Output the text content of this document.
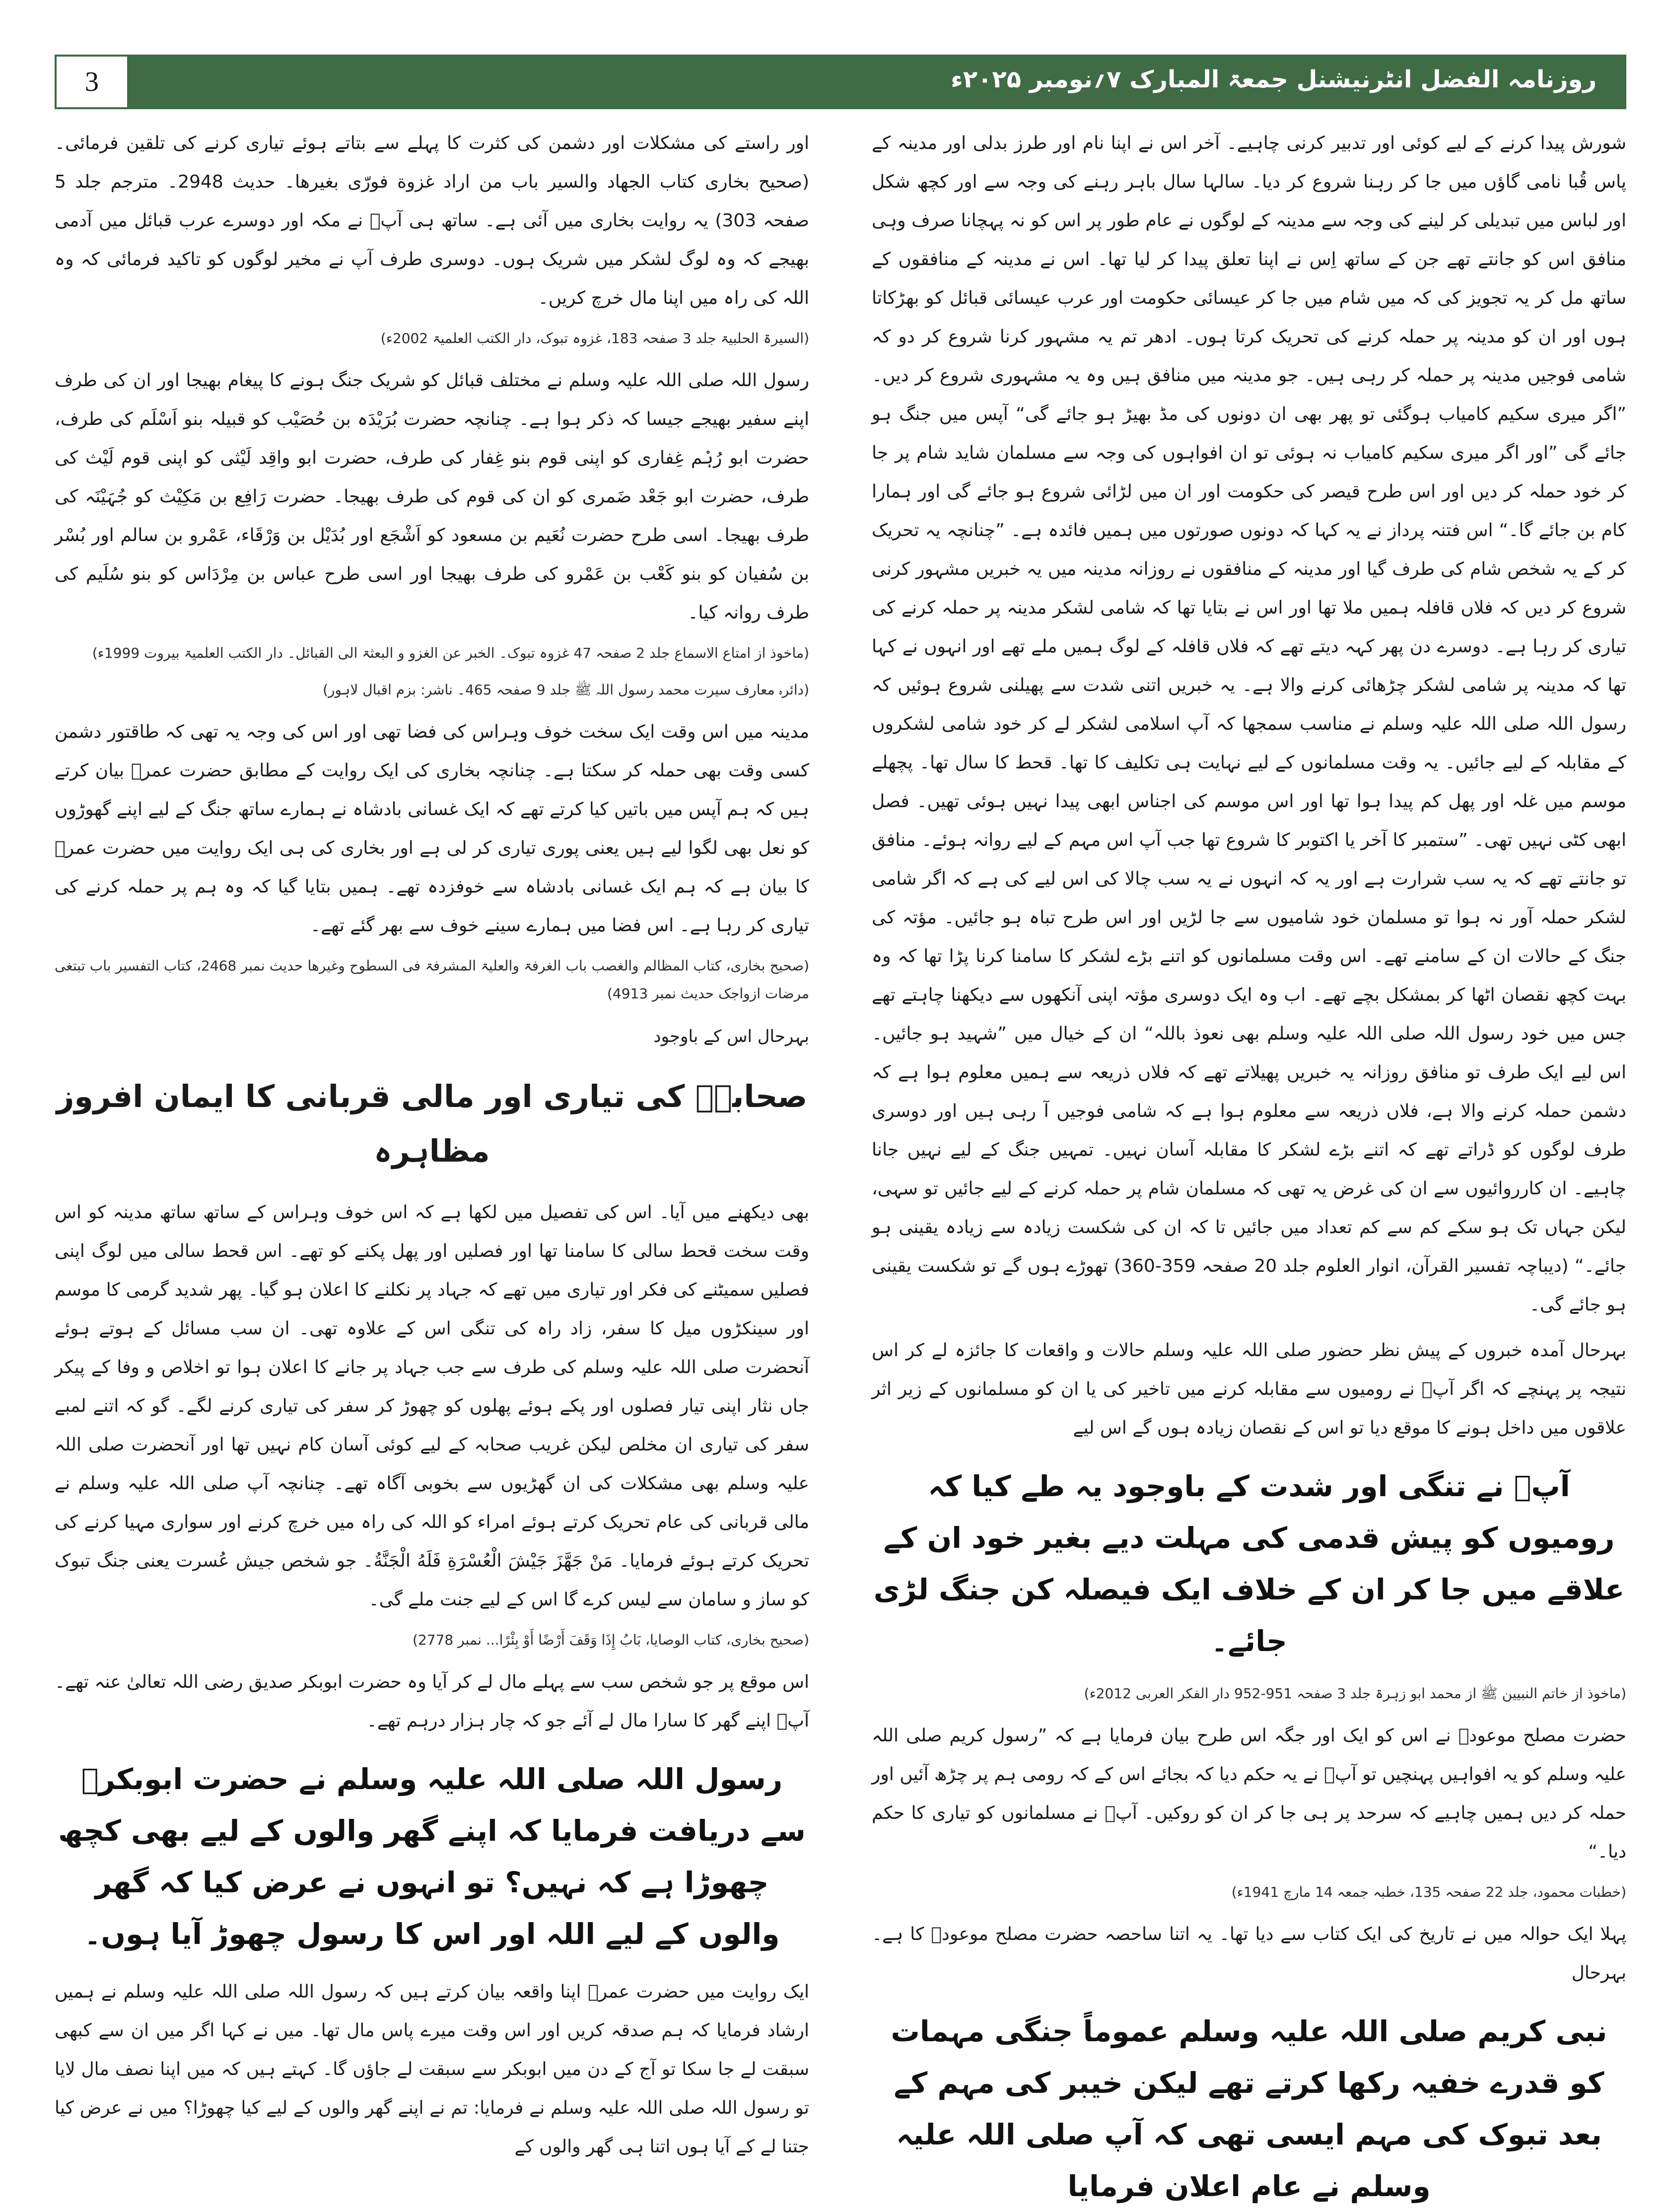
روزنامہ الفضل انٹرنیشنل جمعۃ المبارک ۷؍نومبر ۲۰۲۵ء
3

شورش پیدا کرنے کے لیے کوئی اور تدبیر کرنی چاہیے۔ آخر اس نے اپنا نام اور طرز بدلی اور مدینہ کے پاس قُبا نامی گاؤں میں جا کر رہنا شروع کر دیا۔ سالہا سال باہر رہنے کی وجہ سے اور کچھ شکل اور لباس میں تبدیلی کر لینے کی وجہ سے مدینہ کے لوگوں نے عام طور پر اس کو نہ پہچانا صرف وہی منافق اس کو جانتے تھے جن کے ساتھ اِس نے اپنا تعلق پیدا کر لیا تھا۔ اس نے مدینہ کے منافقوں کے ساتھ مل کر یہ تجویز کی کہ میں شام میں جا کر عیسائی حکومت اور عرب عیسائی قبائل کو بھڑکاتا ہوں اور ان کو مدینہ پر حملہ کرنے کی تحریک کرتا ہوں۔ ادھر تم یہ مشہور کرنا شروع کر دو کہ شامی فوجیں مدینہ پر حملہ کر رہی ہیں۔ جو مدینہ میں منافق ہیں وہ یہ مشہوری شروع کر دیں۔ ”اگر میری سکیم کامیاب ہوگئی تو پھر بھی ان دونوں کی مڈ بھیڑ ہو جائے گی“ آپس میں جنگ ہو جائے گی ”اور اگر میری سکیم کامیاب نہ ہوئی تو ان افواہوں کی وجہ سے مسلمان شاید شام پر جا کر خود حملہ کر دیں اور اس طرح قیصر کی حکومت اور ان میں لڑائی شروع ہو جائے گی اور ہمارا کام بن جائے گا۔“ اس فتنہ پرداز نے یہ کہا کہ دونوں صورتوں میں ہمیں فائدہ ہے۔ ”چنانچہ یہ تحریک کر کے یہ شخص شام کی طرف گیا اور مدینہ کے منافقوں نے روزانہ مدینہ میں یہ خبریں مشہور کرنی شروع کر دیں کہ فلاں قافلہ ہمیں ملا تھا اور اس نے بتایا تھا کہ شامی لشکر مدینہ پر حملہ کرنے کی تیاری کر رہا ہے۔ دوسرے دن پھر کہہ دیتے تھے کہ فلاں قافلہ کے لوگ ہمیں ملے تھے اور انہوں نے کہا تھا کہ مدینہ پر شامی لشکر چڑھائی کرنے والا ہے۔ یہ خبریں اتنی شدت سے پھیلنی شروع ہوئیں کہ رسول اللہ صلی اللہ علیہ وسلم نے مناسب سمجھا کہ آپ اسلامی لشکر لے کر خود شامی لشکروں کے مقابلہ کے لیے جائیں۔ یہ وقت مسلمانوں کے لیے نہایت ہی تکلیف کا تھا۔ قحط کا سال تھا۔ پچھلے موسم میں غلہ اور پھل کم پیدا ہوا تھا اور اس موسم کی اجناس ابھی پیدا نہیں ہوئی تھیں۔ فصل ابھی کٹی نہیں تھی۔ ”ستمبر کا آخر یا اکتوبر کا شروع تھا جب آپ اس مہم کے لیے روانہ ہوئے۔ منافق تو جانتے تھے کہ یہ سب شرارت ہے اور یہ کہ انہوں نے یہ سب چالا کی اس لیے کی ہے کہ اگر شامی لشکر حملہ آور نہ ہوا تو مسلمان خود شامیوں سے جا لڑیں اور اس طرح تباہ ہو جائیں۔ مؤتہ کی جنگ کے حالات ان کے سامنے تھے۔ اس وقت مسلمانوں کو اتنے بڑے لشکر کا سامنا کرنا پڑا تھا کہ وہ بہت کچھ نقصان اٹھا کر بمشکل بچے تھے۔ اب وہ ایک دوسری مؤتہ اپنی آنکھوں سے دیکھنا چاہتے تھے جس میں خود رسول اللہ صلی اللہ علیہ وسلم بھی نعوذ باللہ“ ان کے خیال میں ”شہید ہو جائیں۔ اس لیے ایک طرف تو منافق روزانہ یہ خبریں پھیلاتے تھے کہ فلاں ذریعہ سے ہمیں معلوم ہوا ہے کہ دشمن حملہ کرنے والا ہے، فلاں ذریعہ سے معلوم ہوا ہے کہ شامی فوجیں آ رہی ہیں اور دوسری طرف لوگوں کو ڈراتے تھے کہ اتنے بڑے لشکر کا مقابلہ آسان نہیں۔ تمہیں جنگ کے لیے نہیں جانا چاہیے۔ ان کارروائیوں سے ان کی غرض یہ تھی کہ مسلمان شام پر حملہ کرنے کے لیے جائیں تو سہی، لیکن جہاں تک ہو سکے کم سے کم تعداد میں جائیں تا کہ ان کی شکست زیادہ سے زیادہ یقینی ہو جائے۔“ (دیباچہ تفسیر القرآن، انوار العلوم جلد 20 صفحہ 359-360) تھوڑے ہوں گے تو شکست یقینی ہو جائے گی۔

بہرحال آمدہ خبروں کے پیش نظر حضور صلی اللہ علیہ وسلم حالات و واقعات کا جائزہ لے کر اس نتیجہ پر پہنچے کہ اگر آپؐ نے رومیوں سے مقابلہ کرنے میں تاخیر کی یا ان کو مسلمانوں کے زیر اثر علاقوں میں داخل ہونے کا موقع دیا تو اس کے نقصان زیادہ ہوں گے اس لیے

آپؐ نے تنگی اور شدت کے باوجود یہ طے کیا کہ رومیوں کو پیش قدمی کی مہلت دیے بغیر خود ان کے علاقے میں جا کر ان کے خلاف ایک فیصلہ کن جنگ لڑی جائے۔

(ماخوذ از خاتم النبیین ﷺ از محمد ابو زہرۃ جلد 3 صفحہ 951-952 دار الفکر العربی 2012ء)

حضرت مصلح موعودؓ نے اس کو ایک اور جگہ اس طرح بیان فرمایا ہے کہ ”رسول کریم صلی اللہ علیہ وسلم کو یہ افواہیں پہنچیں تو آپؐ نے یہ حکم دیا کہ بجائے اس کے کہ رومی ہم پر چڑھ آئیں اور حملہ کر دیں ہمیں چاہیے کہ سرحد پر ہی جا کر ان کو روکیں۔ آپؐ نے مسلمانوں کو تیاری کا حکم دیا۔“

(خطبات محمود، جلد 22 صفحہ 135، خطبہ جمعہ 14 مارچ 1941ء)

پہلا ایک حوالہ میں نے تاریخ کی ایک کتاب سے دیا تھا۔ یہ اتنا ساحصہ حضرت مصلح موعودؓ کا ہے۔ بہرحال

نبی کریم صلی اللہ علیہ وسلم عموماً جنگی مہمات کو قدرے خفیہ رکھا کرتے تھے لیکن خیبر کی مہم کے بعد تبوک کی مہم ایسی تھی کہ آپ صلی اللہ علیہ وسلم نے عام اعلان فرمایا

اور راستے کی مشکلات اور دشمن کی کثرت کا پہلے سے بتاتے ہوئے تیاری کرنے کی تلقین فرمائی۔ (صحیح بخاری کتاب الجهاد والسير باب من اراد غزوة فورّى بغيرها۔ حدیث 2948۔ مترجم جلد 5 صفحہ 303) یہ روایت بخاری میں آئی ہے۔ ساتھ ہی آپؐ نے مکہ اور دوسرے عرب قبائل میں آدمی بھیجے کہ وہ لوگ لشکر میں شریک ہوں۔ دوسری طرف آپ نے مخیر لوگوں کو تاکید فرمائی کہ وہ اللہ کی راہ میں اپنا مال خرچ کریں۔

(السیرۃ الحلبیۃ جلد 3 صفحہ 183، غزوہ تبوک، دار الکتب العلمیۃ 2002ء)

رسول اللہ صلی اللہ علیہ وسلم نے مختلف قبائل کو شریک جنگ ہونے کا پیغام بھیجا اور ان کی طرف اپنے سفیر بھیجے جیسا کہ ذکر ہوا ہے۔ چنانچہ حضرت بُرَیْدَہ بن حُصَیْب کو قبیلہ بنو اَسْلَم کی طرف، حضرت ابو رُہْم غِفاری کو اپنی قوم بنو غِفار کی طرف، حضرت ابو واقِد لَیْثی کو اپنی قوم لَیْث کی طرف، حضرت ابو جَعْد ضَمری کو ان کی قوم کی طرف بھیجا۔ حضرت رَافِع بن مَکِیْث کو جُہَیْنَہ کی طرف بھیجا۔ اسی طرح حضرت نُعَیم بن مسعود کو اَشْجَع اور بُدَیْل بن وَرْقَاء، عَمْرو بن سالم اور بُسْر بن سُفیان کو بنو کَعْب بن عَمْرو کی طرف بھیجا اور اسی طرح عباس بن مِرْدَاس کو بنو سُلَیم کی طرف روانہ کیا۔

(ماخوذ از امتاع الاسماع جلد 2 صفحہ 47 غزوہ تبوک۔ الخبر عن الغزو و البعثۃ الی القبائل۔ دار الکتب العلمیۃ بیروت 1999ء)

(دائرہ معارف سیرت محمد رسول اللہ ﷺ جلد 9 صفحہ 465۔ ناشر: بزم اقبال لاہور)

مدینہ میں اس وقت ایک سخت خوف وہراس کی فضا تھی اور اس کی وجہ یہ تھی کہ طاقتور دشمن کسی وقت بھی حملہ کر سکتا ہے۔ چنانچہ بخاری کی ایک روایت کے مطابق حضرت عمرؓ بیان کرتے ہیں کہ ہم آپس میں باتیں کیا کرتے تھے کہ ایک غسانی بادشاہ نے ہمارے ساتھ جنگ کے لیے اپنے گھوڑوں کو نعل بھی لگوا لیے ہیں یعنی پوری تیاری کر لی ہے اور بخاری کی ہی ایک روایت میں حضرت عمرؓ کا بیان ہے کہ ہم ایک غسانی بادشاہ سے خوفزدہ تھے۔ ہمیں بتایا گیا کہ وہ ہم پر حملہ کرنے کی تیاری کر رہا ہے۔ اس فضا میں ہمارے سینے خوف سے بھر گئے تھے۔

(صحیح بخاری، کتاب المظالم والغصب باب الغرفۃ والعلیۃ المشرفۃ فی السطوح وغیرھا حدیث نمبر 2468، کتاب التفسیر باب تبتغی مرضات ازواجک حدیث نمبر 4913)

بہرحال اس کے باوجود

صحابہؓ کی تیاری اور مالی قربانی کا ایمان افروز مظاہرہ

بھی دیکھنے میں آیا۔ اس کی تفصیل میں لکھا ہے کہ اس خوف وہراس کے ساتھ ساتھ مدینہ کو اس وقت سخت قحط سالی کا سامنا تھا اور فصلیں اور پھل پکنے کو تھے۔ اس قحط سالی میں لوگ اپنی فصلیں سمیٹنے کی فکر اور تیاری میں تھے کہ جہاد پر نکلنے کا اعلان ہو گیا۔ پھر شدید گرمی کا موسم اور سینکڑوں میل کا سفر، زاد راہ کی تنگی اس کے علاوہ تھی۔ ان سب مسائل کے ہوتے ہوئے آنحضرت صلی اللہ علیہ وسلم کی طرف سے جب جہاد پر جانے کا اعلان ہوا تو اخلاص و وفا کے پیکر جاں نثار اپنی تیار فصلوں اور پکے ہوئے پھلوں کو چھوڑ کر سفر کی تیاری کرنے لگے۔ گو کہ اتنے لمبے سفر کی تیاری ان مخلص لیکن غریب صحابہ کے لیے کوئی آسان کام نہیں تھا اور آنحضرت صلی اللہ علیہ وسلم بھی مشکلات کی ان گھڑیوں سے بخوبی آگاہ تھے۔ چنانچہ آپ صلی اللہ علیہ وسلم نے مالی قربانی کی عام تحریک کرتے ہوئے امراء کو اللہ کی راہ میں خرچ کرنے اور سواری مہیا کرنے کی تحریک کرتے ہوئے فرمایا۔ مَنْ جَهَّزَ جَيْشَ الْعُسْرَةِ فَلَهُ الْجَنَّةُ۔ جو شخص جیش عُسرت یعنی جنگ تبوک کو ساز و سامان سے لیس کرے گا اس کے لیے جنت ملے گی۔

(صحیح بخاری، کتاب الوصایا، بَابُ إِذَا وَقَفَ أَرْضًا أَوْ بِئْرًا... نمبر 2778)

اس موقع پر جو شخص سب سے پہلے مال لے کر آیا وہ حضرت ابوبکر صدیق رضی اللہ تعالیٰ عنہ تھے۔ آپؓ اپنے گھر کا سارا مال لے آئے جو کہ چار ہزار درہم تھے۔

رسول اللہ صلی اللہ علیہ وسلم نے حضرت ابوبکرؓ سے دریافت فرمایا کہ اپنے گھر والوں کے لیے بھی کچھ چھوڑا ہے کہ نہیں؟ تو انہوں نے عرض کیا کہ گھر والوں کے لیے اللہ اور اس کا رسول چھوڑ آیا ہوں۔

ایک روایت میں حضرت عمرؓ اپنا واقعہ بیان کرتے ہیں کہ رسول اللہ صلی اللہ علیہ وسلم نے ہمیں ارشاد فرمایا کہ ہم صدقہ کریں اور اس وقت میرے پاس مال تھا۔ میں نے کہا اگر میں ان سے کبھی سبقت لے جا سکا تو آج کے دن میں ابوبکر سے سبقت لے جاؤں گا۔ کہتے ہیں کہ میں اپنا نصف مال لایا تو رسول اللہ صلی اللہ علیہ وسلم نے فرمایا: تم نے اپنے گھر والوں کے لیے کیا چھوڑا؟ میں نے عرض کیا جتنا لے کے آیا ہوں اتنا ہی گھر والوں کے
